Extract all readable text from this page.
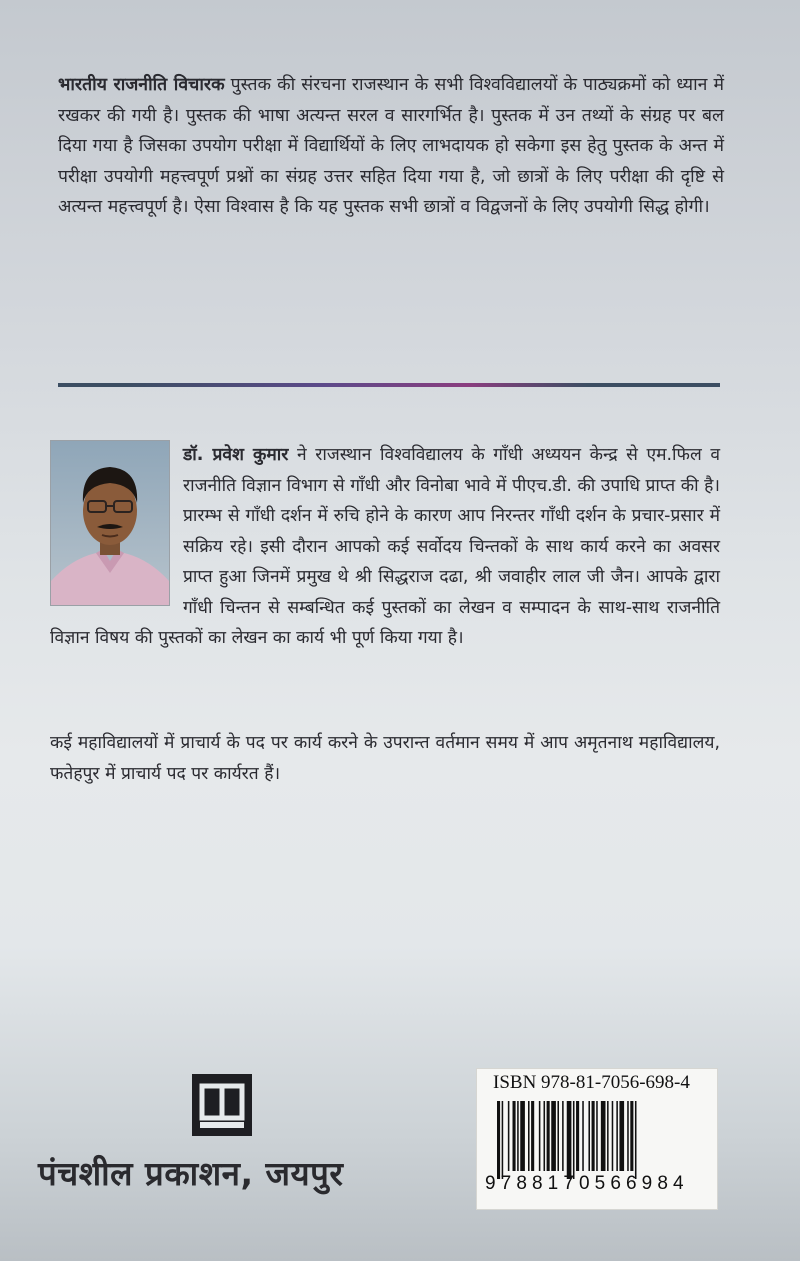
भारतीय राजनीति विचारक पुस्तक की संरचना राजस्थान के सभी विश्वविद्यालयों के पाठ्यक्रमों को ध्यान में रखकर की गयी है। पुस्तक की भाषा अत्यन्त सरल व सारगर्भित है। पुस्तक में उन तथ्यों के संग्रह पर बल दिया गया है जिसका उपयोग परीक्षा में विद्यार्थियों के लिए लाभदायक हो सकेगा इस हेतु पुस्तक के अन्त में परीक्षा उपयोगी महत्त्वपूर्ण प्रश्नों का संग्रह उत्तर सहित दिया गया है, जो छात्रों के लिए परीक्षा की दृष्टि से अत्यन्त महत्त्वपूर्ण है। ऐसा विश्वास है कि यह पुस्तक सभी छात्रों व विद्वजनों के लिए उपयोगी सिद्ध होगी।

डॉ. प्रवेश कुमार ने राजस्थान विश्वविद्यालय के गाँधी अध्ययन केन्द्र से एम.फिल व राजनीति विज्ञान विभाग से गाँधी और विनोबा भावे में पीएच.डी. की उपाधि प्राप्त की है। प्रारम्भ से गाँधी दर्शन में रुचि होने के कारण आप निरन्तर गाँधी दर्शन के प्रचार-प्रसार में सक्रिय रहे। इसी दौरान आपको कई सर्वोदय चिन्तकों के साथ कार्य करने का अवसर प्राप्त हुआ जिनमें प्रमुख थे श्री सिद्धराज दढा, श्री जवाहीर लाल जी जैन। आपके द्वारा गाँधी चिन्तन से सम्बन्धित कई पुस्तकों का लेखन व सम्पादन के साथ-साथ राजनीति विज्ञान विषय की पुस्तकों का लेखन का कार्य भी पूर्ण किया गया है।

कई महाविद्यालयों में प्राचार्य के पद पर कार्य करने के उपरान्त वर्तमान समय में आप अमृतनाथ महाविद्यालय, फतेहपुर में प्राचार्य पद पर कार्यरत हैं।

पंचशील प्रकाशन, जयपुर

ISBN 978-81-7056-698-4
9788170566984
